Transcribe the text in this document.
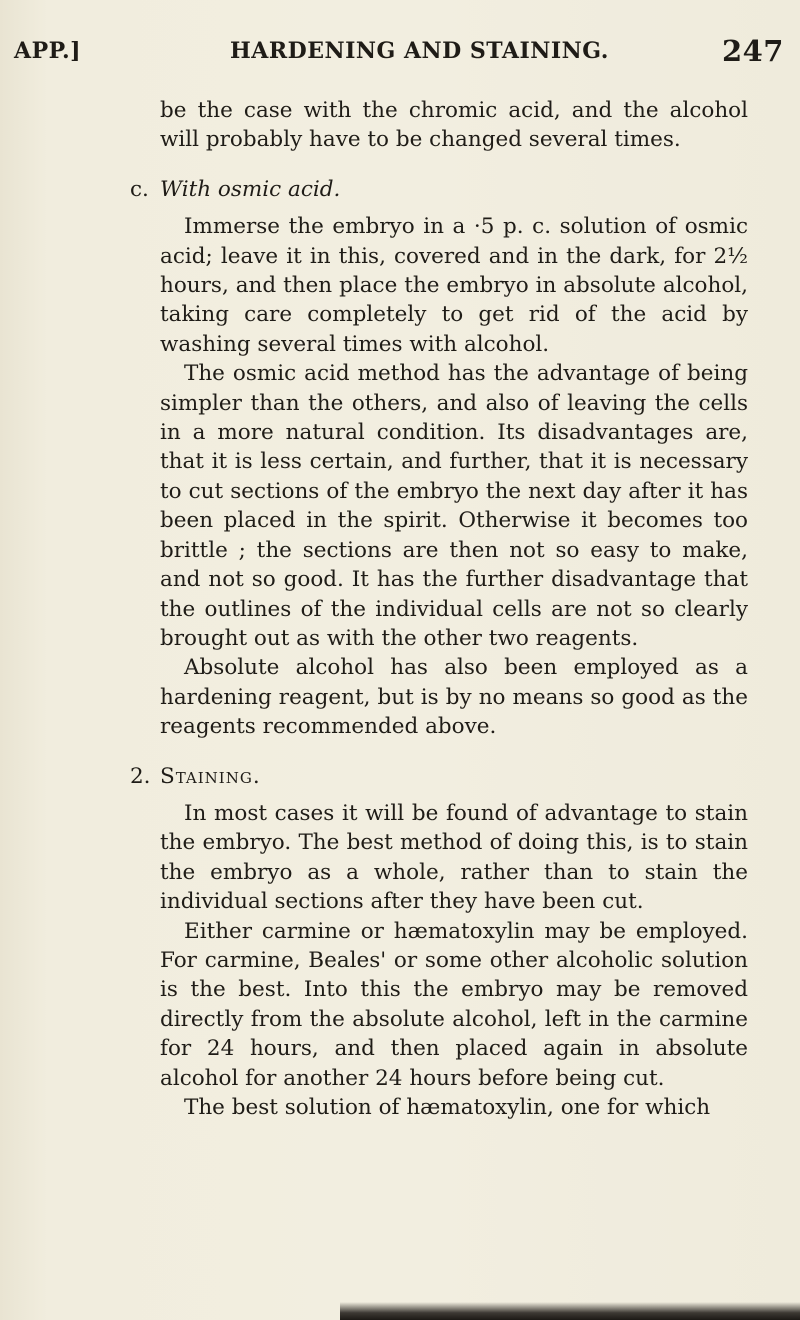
APP.]	HARDENING AND STAINING.	247

be the case with the chromic acid, and the alcohol will probably have to be changed several times.

c. With osmic acid.

Immerse the embryo in a ·5 p. c. solution of osmic acid; leave it in this, covered and in the dark, for 2½ hours, and then place the embryo in absolute alcohol, taking care completely to get rid of the acid by washing several times with alcohol.

The osmic acid method has the advantage of being simpler than the others, and also of leaving the cells in a more natural condition. Its disadvantages are, that it is less certain, and further, that it is necessary to cut sections of the embryo the next day after it has been placed in the spirit. Otherwise it becomes too brittle ; the sections are then not so easy to make, and not so good. It has the further disadvantage that the outlines of the individual cells are not so clearly brought out as with the other two reagents.

Absolute alcohol has also been employed as a hardening reagent, but is by no means so good as the reagents recommended above.

2. Staining.

In most cases it will be found of advantage to stain the embryo. The best method of doing this, is to stain the embryo as a whole, rather than to stain the individual sections after they have been cut.

Either carmine or hæmatoxylin may be employed. For carmine, Beales' or some other alcoholic solution is the best. Into this the embryo may be removed directly from the absolute alcohol, left in the carmine for 24 hours, and then placed again in absolute alcohol for another 24 hours before being cut.

The best solution of hæmatoxylin, one for which
